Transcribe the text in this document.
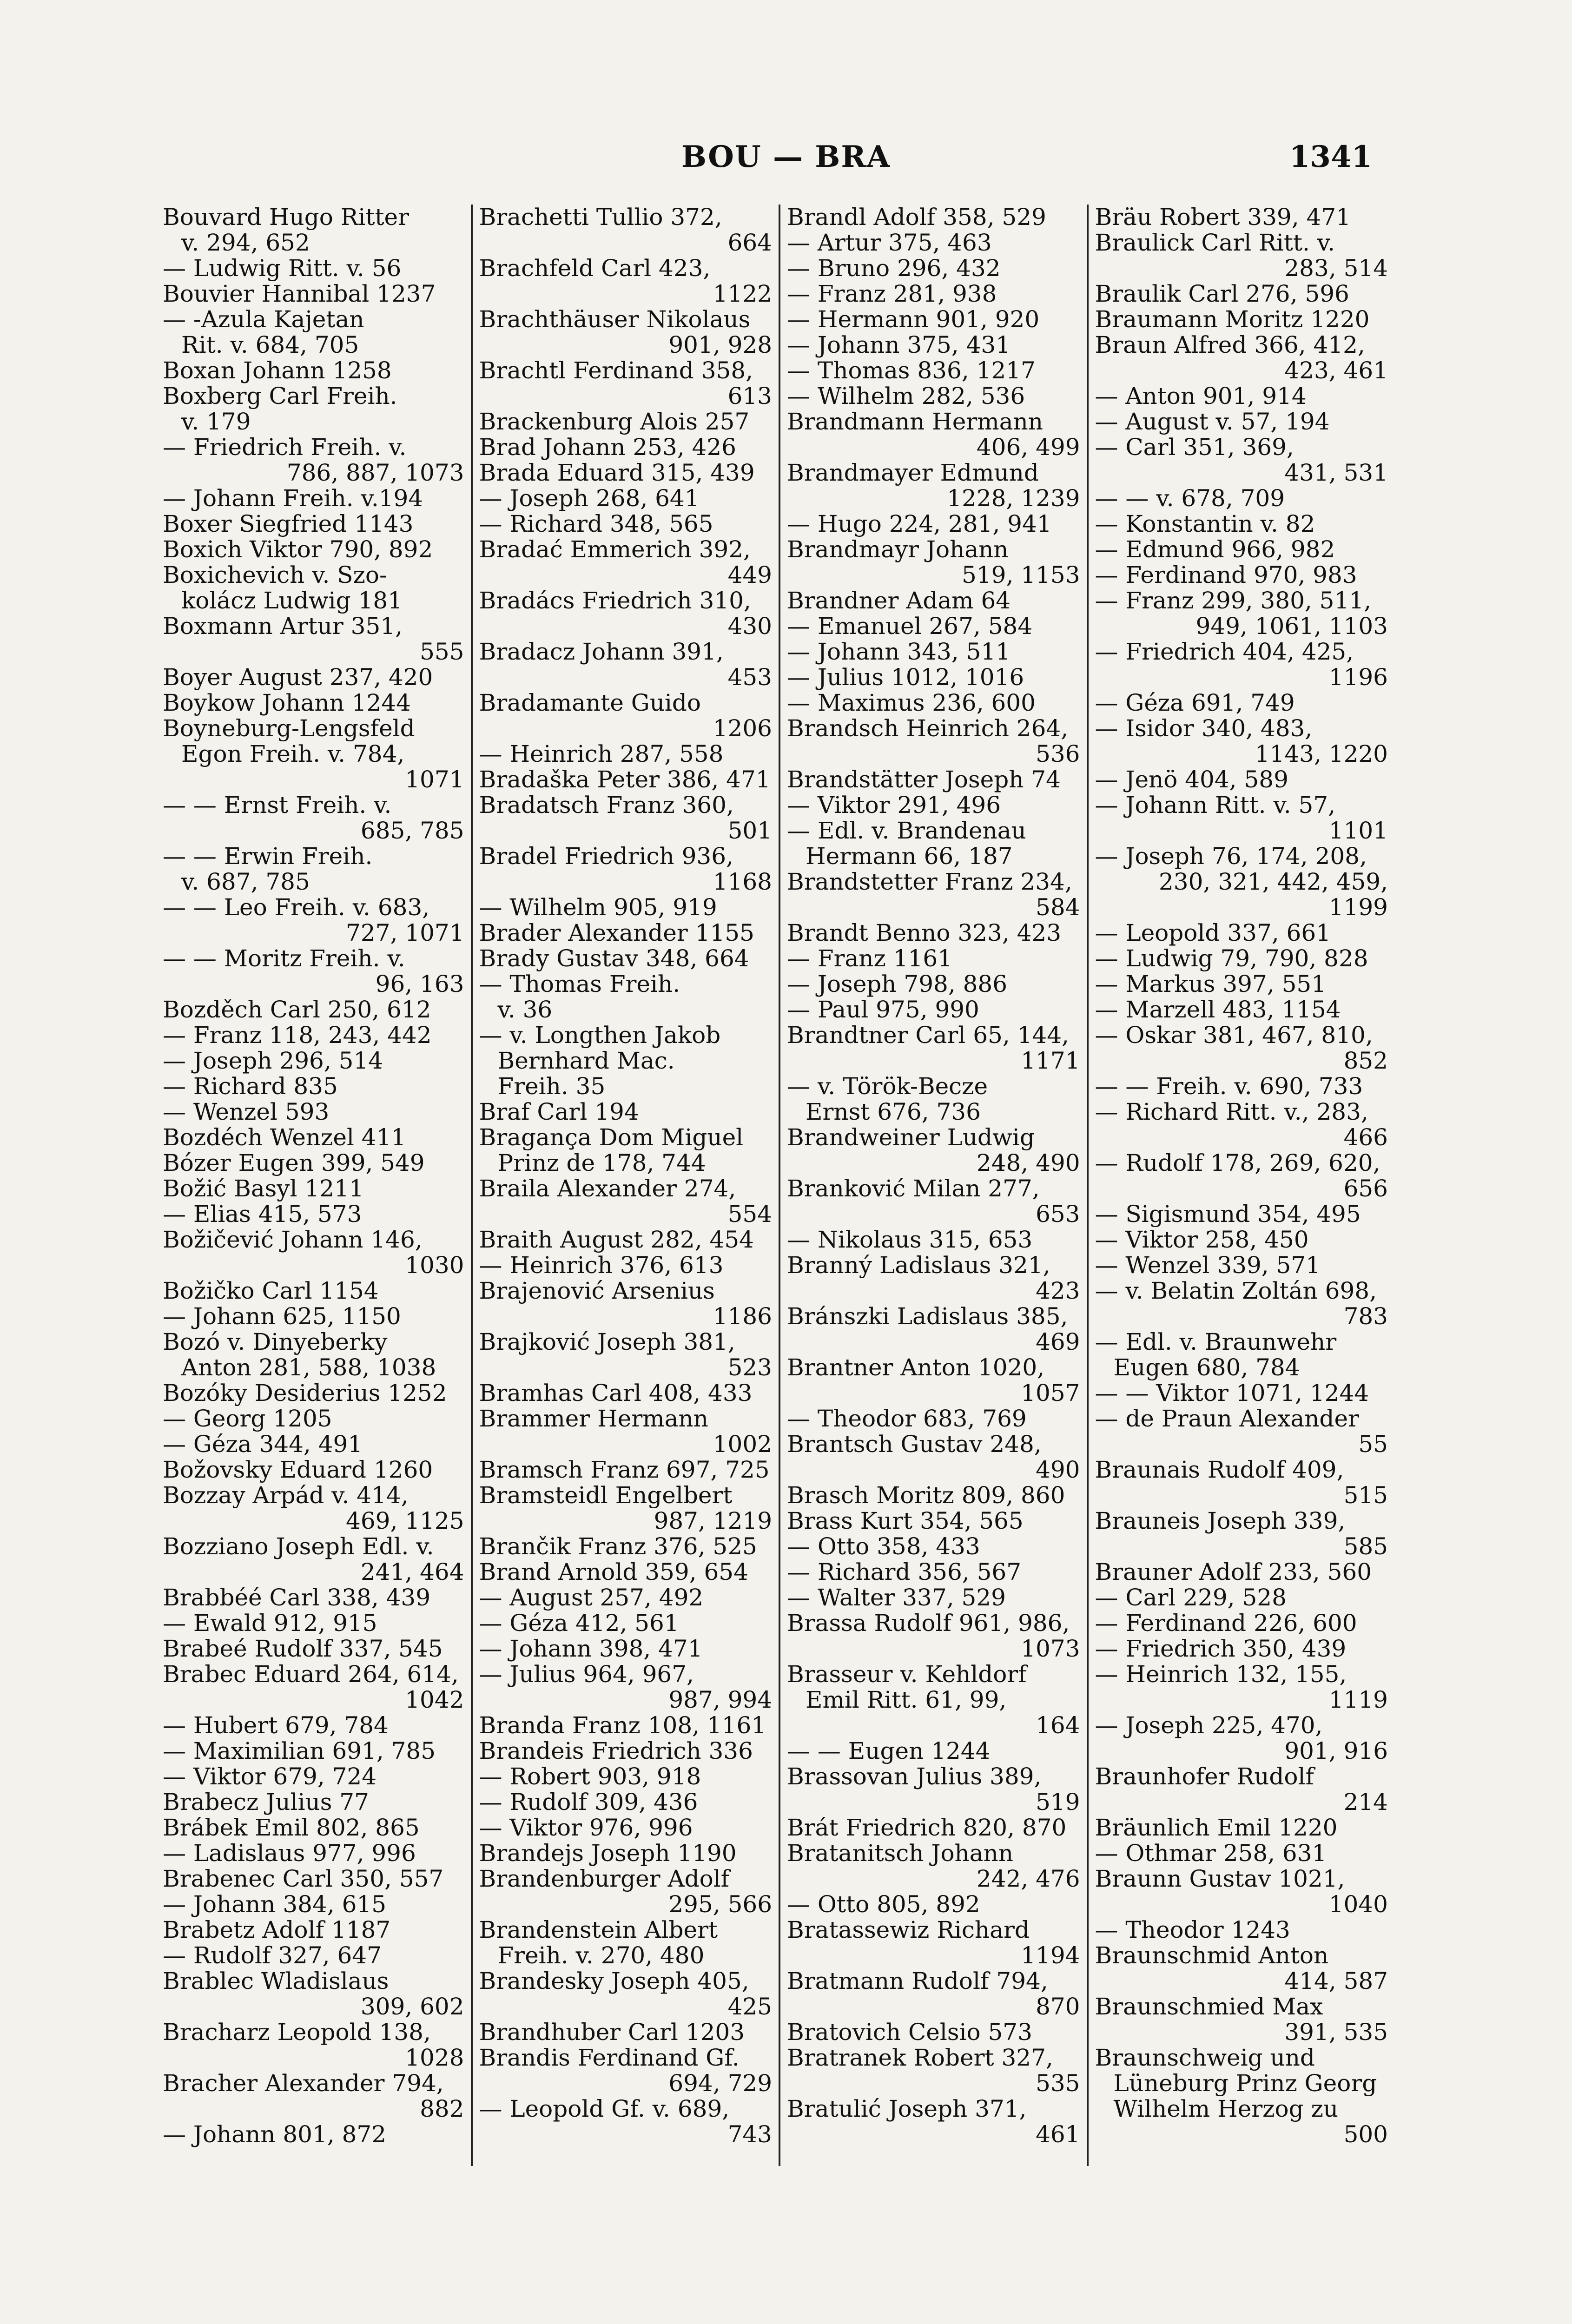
BOU — BRA	1341
Bouvard Hugo Ritter
v. 294, 652
— Ludwig Ritt. v. 56
Bouvier Hannibal 1237
— -Azula Kajetan
Rit. v. 684, 705
Boxan Johann 1258
Boxberg Carl Freih.
v. 179
— Friedrich Freih. v.
786, 887, 1073
— Johann Freih. v.194
Boxer Siegfried 1143
Boxich Viktor 790, 892
Boxichevich v. Szo-
kolácz Ludwig 181
Boxmann Artur 351,
555
Boyer August 237, 420
Boykow Johann 1244
Boyneburg-Lengsfeld
Egon Freih. v. 784,
1071
— — Ernst Freih. v.
685, 785
— — Erwin Freih.
v. 687, 785
— — Leo Freih. v. 683,
727, 1071
— — Moritz Freih. v.
96, 163
Bozděch Carl 250, 612
— Franz 118, 243, 442
— Joseph 296, 514
— Richard 835
— Wenzel 593
Bozdéch Wenzel 411
Bózer Eugen 399, 549
Božić Basyl 1211
— Elias 415, 573
Božičević Johann 146,
1030
Božičko Carl 1154
— Johann 625, 1150
Bozó v. Dinyeberky
Anton 281, 588, 1038
Bozóky Desiderius 1252
— Georg 1205
— Géza 344, 491
Božovsky Eduard 1260
Bozzay Arpád v. 414,
469, 1125
Bozziano Joseph Edl. v.
241, 464
Brabbéé Carl 338, 439
— Ewald 912, 915
Brabeé Rudolf 337, 545
Brabec Eduard 264, 614,
1042
— Hubert 679, 784
— Maximilian 691, 785
— Viktor 679, 724
Brabecz Julius 77
Brábek Emil 802, 865
— Ladislaus 977, 996
Brabenec Carl 350, 557
— Johann 384, 615
Brabetz Adolf 1187
— Rudolf 327, 647
Brablec Wladislaus
309, 602
Bracharz Leopold 138,
1028
Bracher Alexander 794,
882
— Johann 801, 872
Brachetti Tullio 372,
664
Brachfeld Carl 423,
1122
Brachthäuser Nikolaus
901, 928
Brachtl Ferdinand 358,
613
Brackenburg Alois 257
Brad Johann 253, 426
Brada Eduard 315, 439
— Joseph 268, 641
— Richard 348, 565
Bradać Emmerich 392,
449
Bradács Friedrich 310,
430
Bradacz Johann 391,
453
Bradamante Guido
1206
— Heinrich 287, 558
Bradaška Peter 386, 471
Bradatsch Franz 360,
501
Bradel Friedrich 936,
1168
— Wilhelm 905, 919
Brader Alexander 1155
Brady Gustav 348, 664
— Thomas Freih.
v. 36
— v. Longthen Jakob
Bernhard Mac.
Freih. 35
Braf Carl 194
Bragança Dom Miguel
Prinz de 178, 744
Braila Alexander 274,
554
Braith August 282, 454
— Heinrich 376, 613
Brajenović Arsenius
1186
Brajković Joseph 381,
523
Bramhas Carl 408, 433
Brammer Hermann
1002
Bramsch Franz 697, 725
Bramsteidl Engelbert
987, 1219
Brančik Franz 376, 525
Brand Arnold 359, 654
— August 257, 492
— Géza 412, 561
— Johann 398, 471
— Julius 964, 967,
987, 994
Branda Franz 108, 1161
Brandeis Friedrich 336
— Robert 903, 918
— Rudolf 309, 436
— Viktor 976, 996
Brandejs Joseph 1190
Brandenburger Adolf
295, 566
Brandenstein Albert
Freih. v. 270, 480
Brandesky Joseph 405,
425
Brandhuber Carl 1203
Brandis Ferdinand Gf.
694, 729
— Leopold Gf. v. 689,
743
Brandl Adolf 358, 529
— Artur 375, 463
— Bruno 296, 432
— Franz 281, 938
— Hermann 901, 920
— Johann 375, 431
— Thomas 836, 1217
— Wilhelm 282, 536
Brandmann Hermann
406, 499
Brandmayer Edmund
1228, 1239
— Hugo 224, 281, 941
Brandmayr Johann
519, 1153
Brandner Adam 64
— Emanuel 267, 584
— Johann 343, 511
— Julius 1012, 1016
— Maximus 236, 600
Brandsch Heinrich 264,
536
Brandstätter Joseph 74
— Viktor 291, 496
— Edl. v. Brandenau
Hermann 66, 187
Brandstetter Franz 234,
584
Brandt Benno 323, 423
— Franz 1161
— Joseph 798, 886
— Paul 975, 990
Brandtner Carl 65, 144,
1171
— v. Török-Becze
Ernst 676, 736
Brandweiner Ludwig
248, 490
Branković Milan 277,
653
— Nikolaus 315, 653
Branný Ladislaus 321,
423
Bránszki Ladislaus 385,
469
Brantner Anton 1020,
1057
— Theodor 683, 769
Brantsch Gustav 248,
490
Brasch Moritz 809, 860
Brass Kurt 354, 565
— Otto 358, 433
— Richard 356, 567
— Walter 337, 529
Brassa Rudolf 961, 986,
1073
Brasseur v. Kehldorf
Emil Ritt. 61, 99,
164
— — Eugen 1244
Brassovan Julius 389,
519
Brát Friedrich 820, 870
Bratanitsch Johann
242, 476
— Otto 805, 892
Bratassewiz Richard
1194
Bratmann Rudolf 794,
870
Bratovich Celsio 573
Bratranek Robert 327,
535
Bratulić Joseph 371,
461
Bräu Robert 339, 471
Braulick Carl Ritt. v.
283, 514
Braulik Carl 276, 596
Braumann Moritz 1220
Braun Alfred 366, 412,
423, 461
— Anton 901, 914
— August v. 57, 194
— Carl 351, 369,
431, 531
— — v. 678, 709
— Konstantin v. 82
— Edmund 966, 982
— Ferdinand 970, 983
— Franz 299, 380, 511,
949, 1061, 1103
— Friedrich 404, 425,
1196
— Géza 691, 749
— Isidor 340, 483,
1143, 1220
— Jenö 404, 589
— Johann Ritt. v. 57,
1101
— Joseph 76, 174, 208,
230, 321, 442, 459,
1199
— Leopold 337, 661
— Ludwig 79, 790, 828
— Markus 397, 551
— Marzell 483, 1154
— Oskar 381, 467, 810,
852
— — Freih. v. 690, 733
— Richard Ritt. v., 283,
466
— Rudolf 178, 269, 620,
656
— Sigismund 354, 495
— Viktor 258, 450
— Wenzel 339, 571
— v. Belatin Zoltán 698,
783
— Edl. v. Braunwehr
Eugen 680, 784
— — Viktor 1071, 1244
— de Praun Alexander
55
Braunais Rudolf 409,
515
Brauneis Joseph 339,
585
Brauner Adolf 233, 560
— Carl 229, 528
— Ferdinand 226, 600
— Friedrich 350, 439
— Heinrich 132, 155,
1119
— Joseph 225, 470,
901, 916
Braunhofer Rudolf
214
Bräunlich Emil 1220
— Othmar 258, 631
Braunn Gustav 1021,
1040
— Theodor 1243
Braunschmid Anton
414, 587
Braunschmied Max
391, 535
Braunschweig und
Lüneburg Prinz Georg
Wilhelm Herzog zu
500
